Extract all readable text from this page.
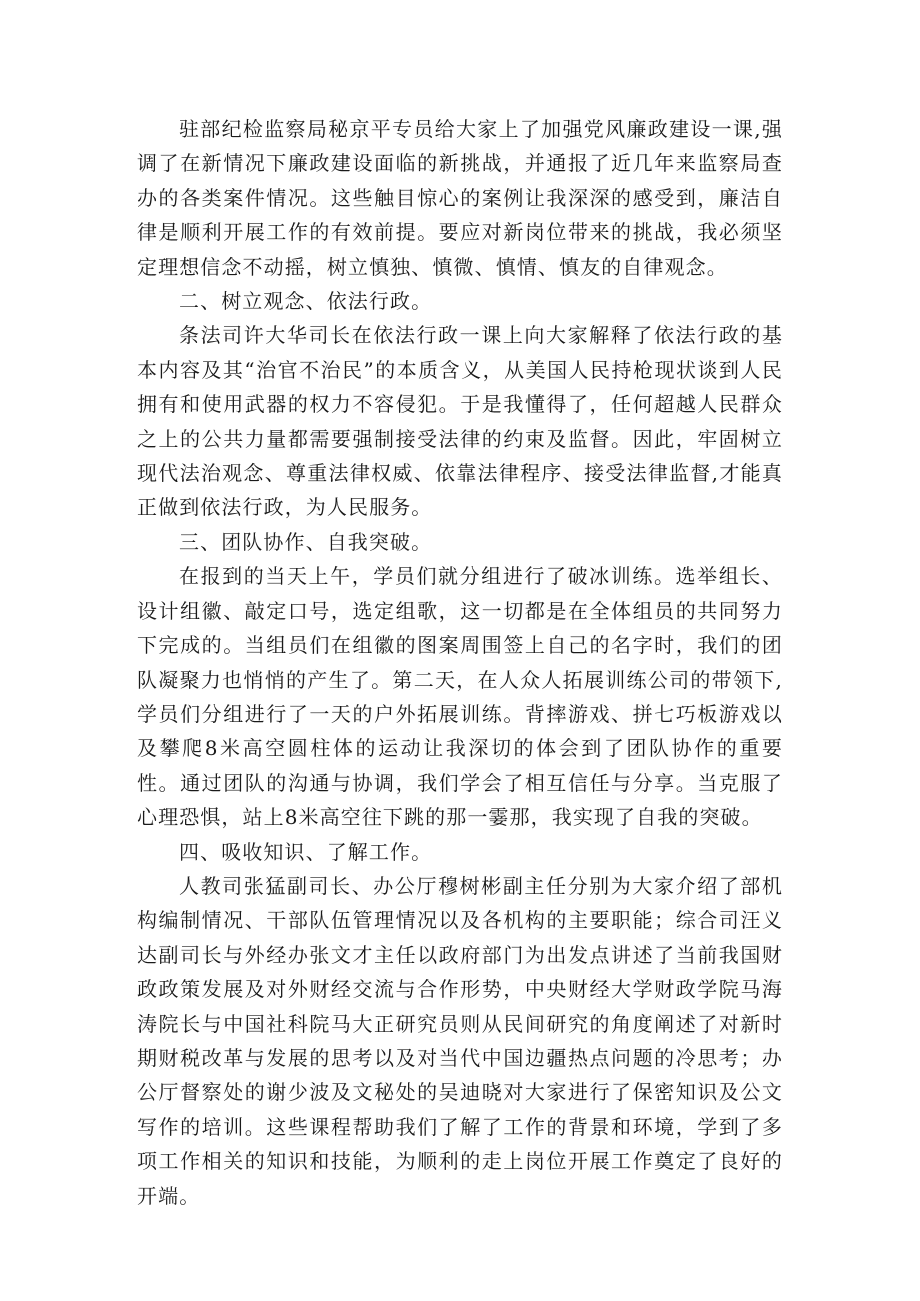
驻部纪检监察局秘京平专员给大家上了加强党风廉政建设一课,强调了在新情况下廉政建设面临的新挑战，并通报了近几年来监察局查办的各类案件情况。这些触目惊心的案例让我深深的感受到，廉洁自律是顺利开展工作的有效前提。要应对新岗位带来的挑战，我必须坚定理想信念不动摇，树立慎独、慎微、慎情、慎友的自律观念。

二、树立观念、依法行政。

条法司许大华司长在依法行政一课上向大家解释了依法行政的基本内容及其“治官不治民”的本质含义，从美国人民持枪现状谈到人民拥有和使用武器的权力不容侵犯。于是我懂得了，任何超越人民群众之上的公共力量都需要强制接受法律的约束及监督。因此，牢固树立现代法治观念、尊重法律权威、依靠法律程序、接受法律监督,才能真正做到依法行政，为人民服务。

三、团队协作、自我突破。

在报到的当天上午，学员们就分组进行了破冰训练。选举组长、设计组徽、敲定口号，选定组歌，这一切都是在全体组员的共同努力下完成的。当组员们在组徽的图案周围签上自己的名字时，我们的团队凝聚力也悄悄的产生了。第二天，在人众人拓展训练公司的带领下,学员们分组进行了一天的户外拓展训练。背摔游戏、拼七巧板游戏以及攀爬8米高空圆柱体的运动让我深切的体会到了团队协作的重要性。通过团队的沟通与协调，我们学会了相互信任与分享。当克服了心理恐惧，站上8米高空往下跳的那一霎那，我实现了自我的突破。

四、吸收知识、了解工作。

人教司张猛副司长、办公厅穆树彬副主任分别为大家介绍了部机构编制情况、干部队伍管理情况以及各机构的主要职能；综合司汪义达副司长与外经办张文才主任以政府部门为出发点讲述了当前我国财政政策发展及对外财经交流与合作形势，中央财经大学财政学院马海涛院长与中国社科院马大正研究员则从民间研究的角度阐述了对新时期财税改革与发展的思考以及对当代中国边疆热点问题的冷思考；办公厅督察处的谢少波及文秘处的吴迪晓对大家进行了保密知识及公文写作的培训。这些课程帮助我们了解了工作的背景和环境，学到了多项工作相关的知识和技能，为顺利的走上岗位开展工作奠定了良好的开端。
